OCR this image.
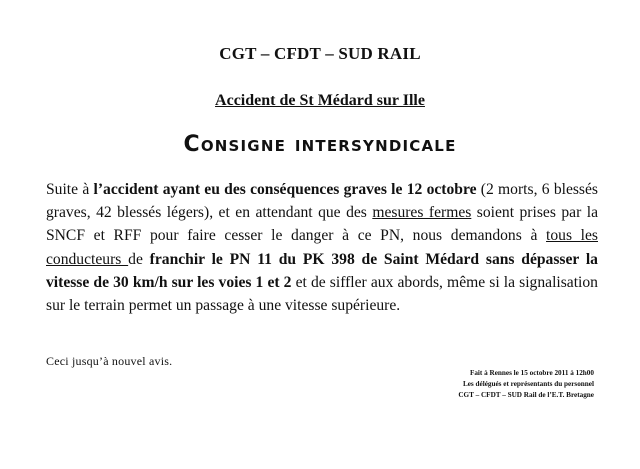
CGT – CFDT – SUD RAIL
Accident de St Médard sur Ille
Consigne intersyndicale
Suite à l’accident ayant eu des conséquences graves le 12 octobre (2 morts, 6 blessés graves, 42 blessés légers), et en attendant que des mesures fermes soient prises par la SNCF et RFF pour faire cesser le danger à ce PN, nous demandons à tous les conducteurs de franchir le PN 11 du PK 398 de Saint Médard sans dépasser la vitesse de 30 km/h sur les voies 1 et 2 et de siffler aux abords, même si la signalisation sur le terrain permet un passage à une vitesse supérieure.
Ceci jusqu’à nouvel avis.
Fait à Rennes le 15 octobre 2011 à 12h00
Les délégués et représentants du personnel
CGT – CFDT – SUD Rail de l’E.T. Bretagne
